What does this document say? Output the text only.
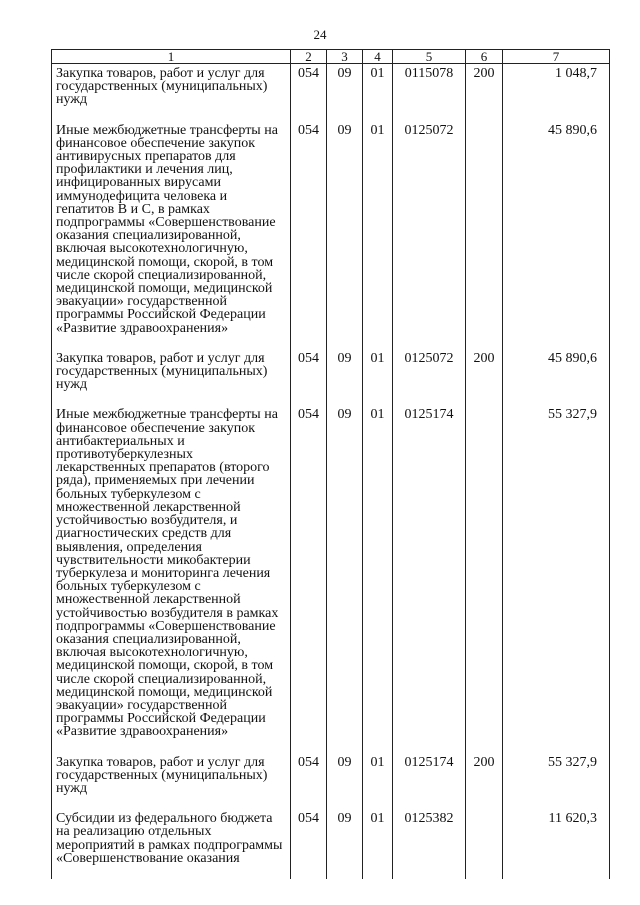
24
1	2	3	4	5	6	7
Закупка товаров, работ и услуг для государственных (муниципальных) нужд	054	09	01	0115078	200	1 048,7
Иные межбюджетные трансферты на финансовое обеспечение закупок антивирусных препаратов для профилактики и лечения лиц, инфицированных вирусами иммунодефицита человека и гепатитов B и C, в рамках подпрограммы «Совершенствование оказания специализированной, включая высокотехнологичную, медицинской помощи, скорой, в том числе скорой специализированной, медицинской помощи, медицинской эвакуации» государственной программы Российской Федерации «Развитие здравоохранения»	054	09	01	0125072		45 890,6
Закупка товаров, работ и услуг для государственных (муниципальных) нужд	054	09	01	0125072	200	45 890,6
Иные межбюджетные трансферты на финансовое обеспечение закупок антибактериальных и противотуберкулезных лекарственных препаратов (второго ряда), применяемых при лечении больных туберкулезом с множественной лекарственной устойчивостью возбудителя, и диагностических средств для выявления, определения чувствительности микобактерии туберкулеза и мониторинга лечения больных туберкулезом с множественной лекарственной устойчивостью возбудителя в рамках подпрограммы «Совершенствование оказания специализированной, включая высокотехнологичную, медицинской помощи, скорой, в том числе скорой специализированной, медицинской помощи, медицинской эвакуации» государственной программы Российской Федерации «Развитие здравоохранения»	054	09	01	0125174		55 327,9
Закупка товаров, работ и услуг для государственных (муниципальных) нужд	054	09	01	0125174	200	55 327,9
Субсидии из федерального бюджета на реализацию отдельных мероприятий в рамках подпрограммы «Совершенствование оказания	054	09	01	0125382		11 620,3
